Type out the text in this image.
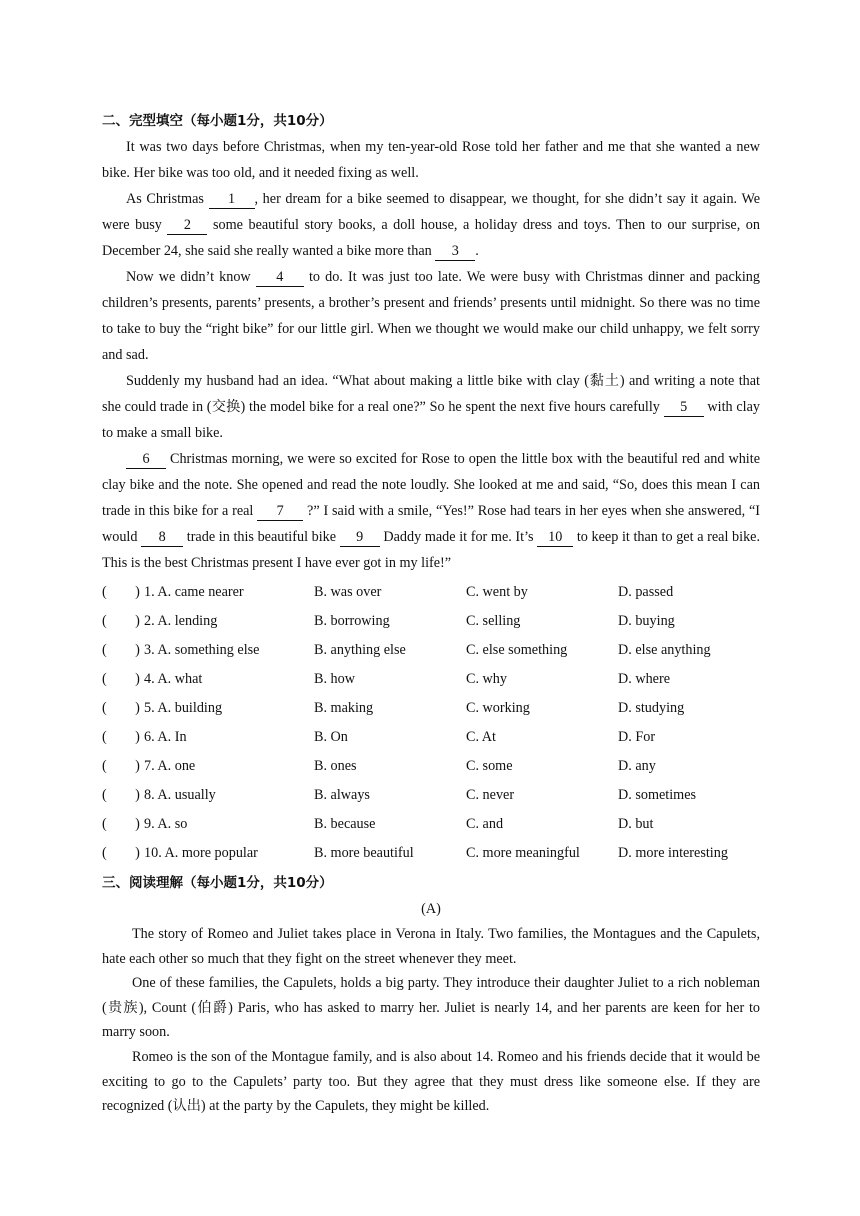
二、完型填空（每小题1分，共10分）

It was two days before Christmas, when my ten-year-old Rose told her father and me that she wanted a new bike. Her bike was too old, and it needed fixing as well.

As Christmas 1 , her dream for a bike seemed to disappear, we thought, for she didn’t say it again. We were busy 2 some beautiful story books, a doll house, a holiday dress and toys. Then to our surprise, on December 24, she said she really wanted a bike more than 3 .

Now we didn’t know 4 to do. It was just too late. We were busy with Christmas dinner and packing children’s presents, parents’ presents, a brother’s present and friends’ presents until midnight. So there was no time to take to buy the “right bike” for our little girl. When we thought we would make our child unhappy, we felt sorry and sad.

Suddenly my husband had an idea. “What about making a little bike with clay (黏土) and writing a note that she could trade in (交换) the model bike for a real one?” So he spent the next five hours carefully 5 with clay to make a small bike.

6 Christmas morning, we were so excited for Rose to open the little box with the beautiful red and white clay bike and the note. She opened and read the note loudly. She looked at me and said, “So, does this mean I can trade in this bike for a real 7 ?” I said with a smile, “Yes!” Rose had tears in her eyes when she answered, “I would 8 trade in this beautiful bike 9 Daddy made it for me. It’s 10 to keep it than to get a real bike. This is the best Christmas present I have ever got in my life!”

(　　) 1. A. came nearer	B. was over	C. went by	D. passed
(　　) 2. A. lending	B. borrowing	C. selling	D. buying
(　　) 3. A. something else	B. anything else	C. else something	D. else anything
(　　) 4. A. what	B. how	C. why	D. where
(　　) 5. A. building	B. making	C. working	D. studying
(　　) 6. A. In	B. On	C. At	D. For
(　　) 7. A. one	B. ones	C. some	D. any
(　　) 8. A. usually	B. always	C. never	D. sometimes
(　　) 9. A. so	B. because	C. and	D. but
(　　) 10. A. more popular	B. more beautiful	C. more meaningful	D. more interesting
三、阅读理解（每小题1分，共10分）
(A)

The story of Romeo and Juliet takes place in Verona in Italy. Two families, the Montagues and the Capulets, hate each other so much that they fight on the street whenever they meet.

One of these families, the Capulets, holds a big party. They introduce their daughter Juliet to a rich nobleman (贵族), Count (伯爵) Paris, who has asked to marry her. Juliet is nearly 14, and her parents are keen for her to marry soon.

Romeo is the son of the Montague family, and is also about 14. Romeo and his friends decide that it would be exciting to go to the Capulets’ party too. But they agree that they must dress like someone else. If they are recognized (认出) at the party by the Capulets, they might be killed.
